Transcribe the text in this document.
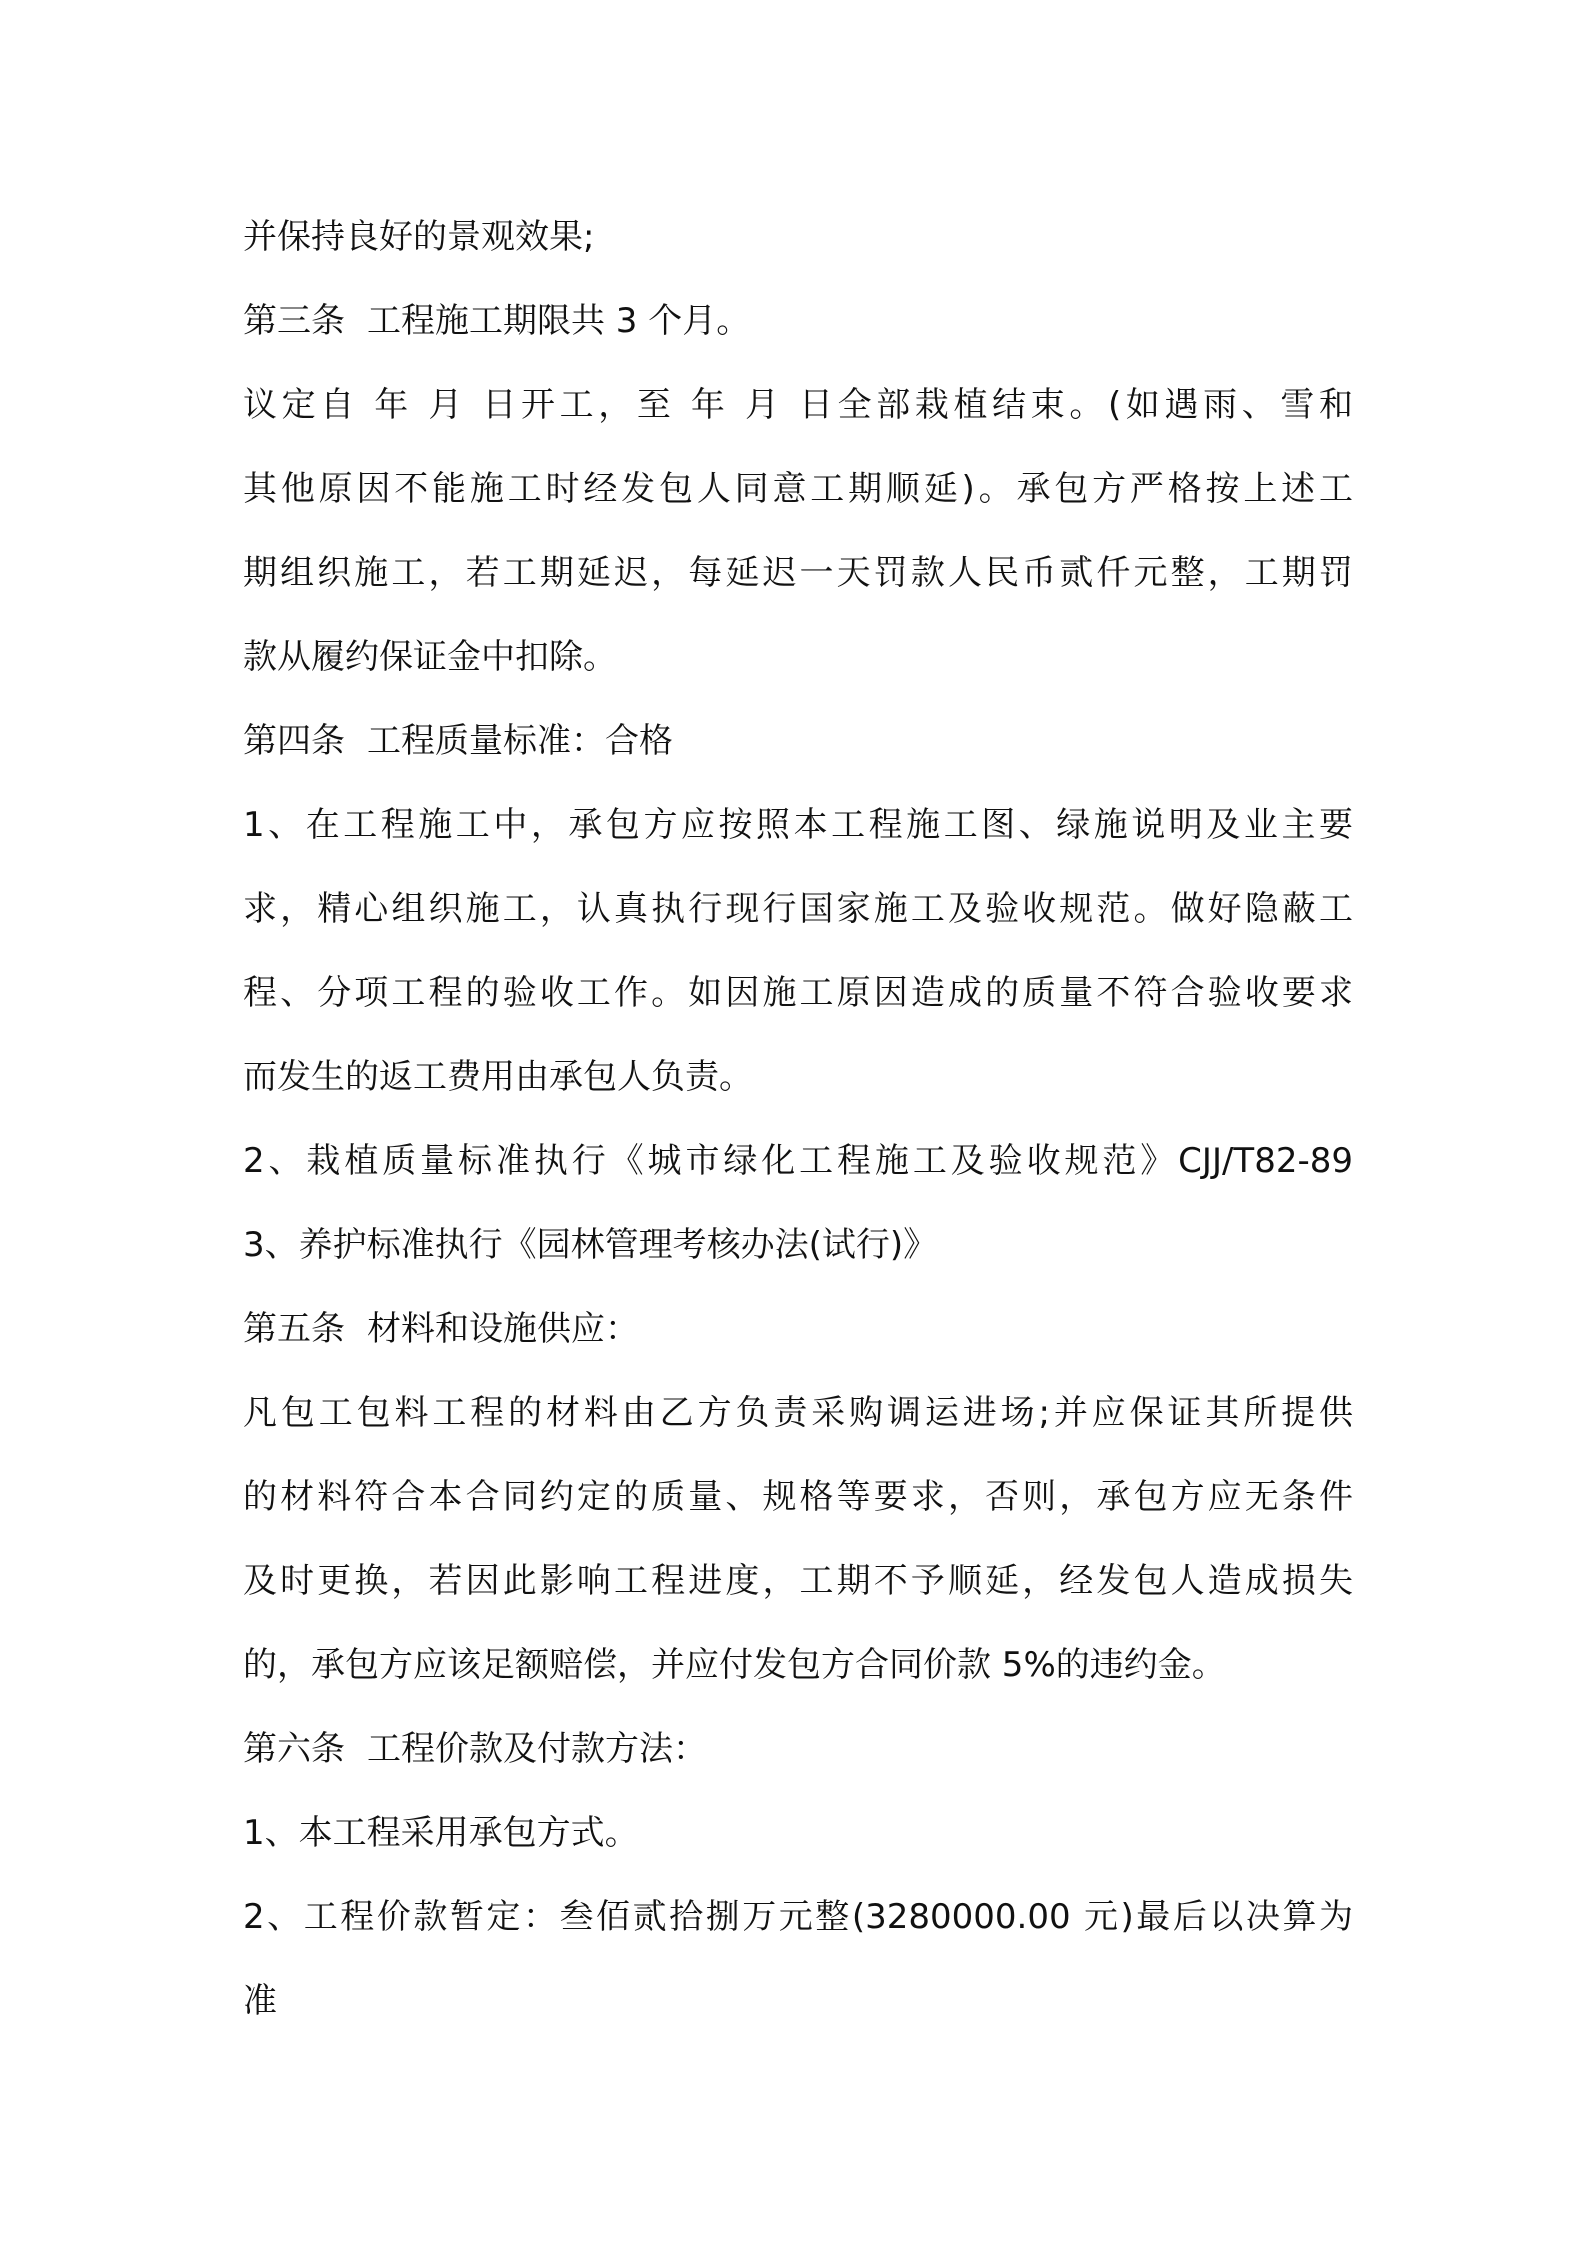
并保持良好的景观效果;
第三条 工程施工期限共 3 个月。
议定自 年 月 日开工，至 年 月 日全部栽植结束。(如遇雨、雪和
其他原因不能施工时经发包人同意工期顺延)。承包方严格按上述工
期组织施工，若工期延迟，每延迟一天罚款人民币贰仟元整，工期罚
款从履约保证金中扣除。
第四条 工程质量标准：合格
1、在工程施工中，承包方应按照本工程施工图、绿施说明及业主要
求，精心组织施工，认真执行现行国家施工及验收规范。做好隐蔽工
程、分项工程的验收工作。如因施工原因造成的质量不符合验收要求
而发生的返工费用由承包人负责。
2、栽植质量标准执行《城市绿化工程施工及验收规范》CJJ/T82-89
3、养护标准执行《园林管理考核办法(试行)》
第五条 材料和设施供应：
凡包工包料工程的材料由乙方负责采购调运进场;并应保证其所提供
的材料符合本合同约定的质量、规格等要求，否则，承包方应无条件
及时更换，若因此影响工程进度，工期不予顺延，经发包人造成损失
的，承包方应该足额赔偿，并应付发包方合同价款 5%的违约金。
第六条 工程价款及付款方法：
1、本工程采用承包方式。
2、工程价款暂定：叁佰贰拾捌万元整(3280000.00 元)最后以决算为
准
